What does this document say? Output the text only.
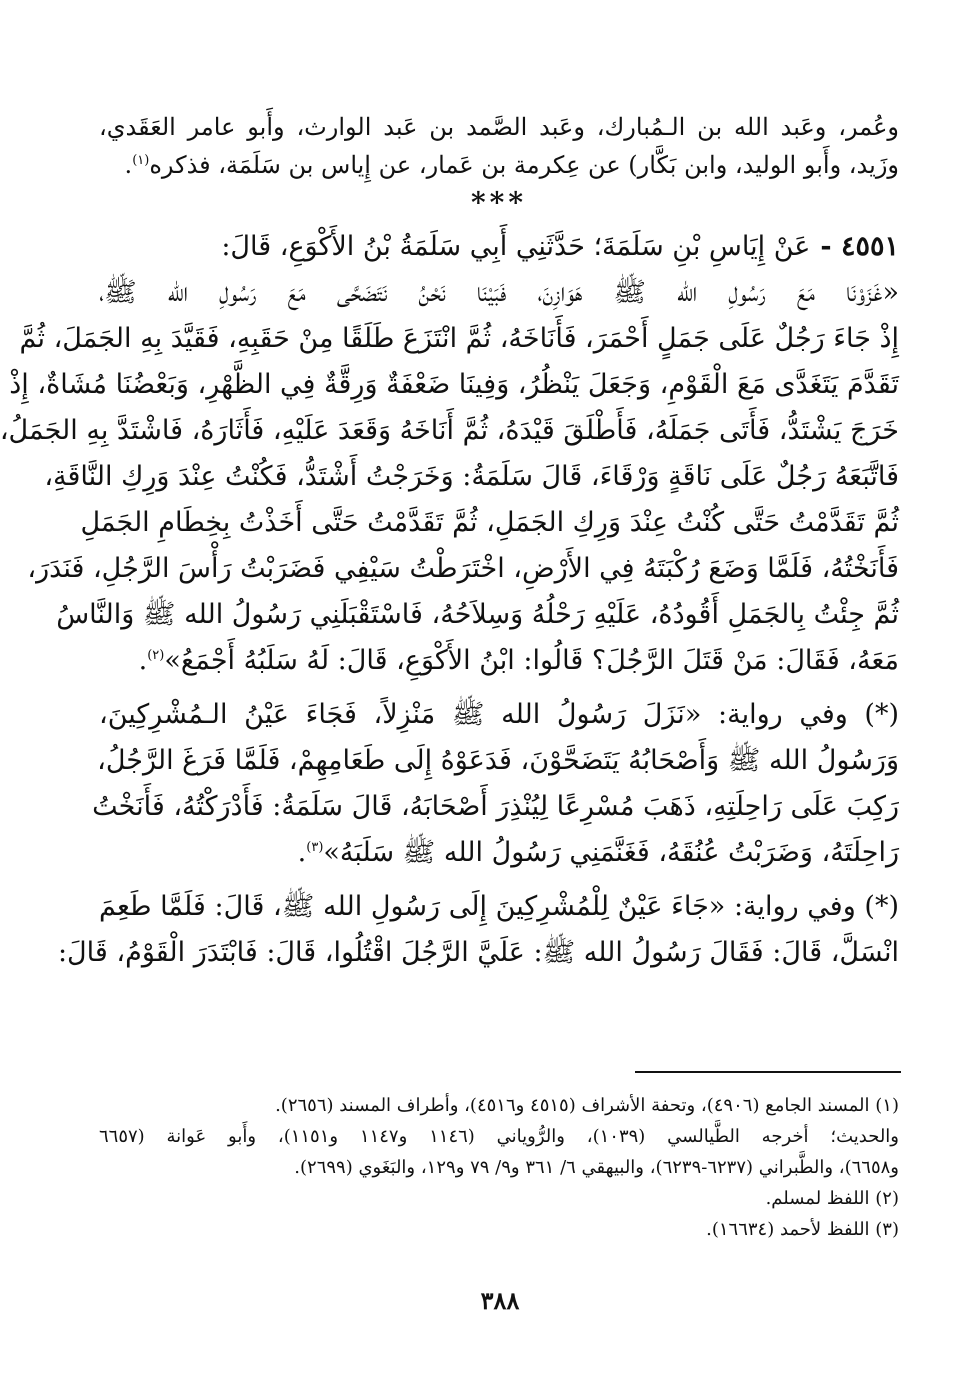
وعُمر، وعَبد الله بن الـمُبارك، وعَبد الصَّمد بن عَبد الوارث، وأَبو عامر العَقَدي،
وزَيد، وأَبو الوليد، وابن بَكَّار) عن عِكرمة بن عَمار، عن إِياس بن سَلَمَة، فذكره$^{(١)}$.
***
٤٥٥١ -عَنْ إِيَاسِ بْنِ سَلَمَةَ؛ حَدَّثَنِي أَبِي سَلَمَةُ بْنُ الأَكْوَعِ، قَالَ:
«غَزَوْنَا مَعَ رَسُولِ الله ﷺ هَوَازِنَ، فَبَيْنَا نَحْنُ نَتَضَحَّى مَعَ رَسُولِ الله ﷺ،
إِذْ جَاءَ رَجُلٌ عَلَى جَمَلٍ أَحْمَرَ، فَأَنَاخَهُ، ثُمَّ انْتَزَعَ طَلَقًا مِنْ حَقَبِهِ، فَقَيَّدَ بِهِ الجَمَلَ، ثُمَّ
تَقَدَّمَ يَتَغَدَّى مَعَ الْقَوْمِ، وَجَعَلَ يَنْظُرُ، وَفِينَا ضَعْفَةٌ وَرِقَّةٌ فِي الظَّهْرِ، وَبَعْضُنَا مُشَاةٌ، إِذْ
خَرَجَ يَشْتَدُّ، فَأَتَى جَمَلَهُ، فَأَطْلَقَ قَيْدَهُ، ثُمَّ أَنَاخَهُ وَقَعَدَ عَلَيْهِ، فَأَثَارَهُ، فَاشْتَدَّ بِهِ الجَمَلُ،
فَاتَّبَعَهُ رَجُلٌ عَلَى نَاقَةٍ وَرْقَاءَ، قَالَ سَلَمَةُ: وَخَرَجْتُ أَشْتَدُّ، فَكُنْتُ عِنْدَ وَرِكِ النَّاقَةِ،
ثُمَّ تَقَدَّمْتُ حَتَّى كُنْتُ عِنْدَ وَرِكِ الجَمَلِ، ثُمَّ تَقَدَّمْتُ حَتَّى أَخَذْتُ بِخِطَامِ الجَمَلِ
فَأَنَخْتُهُ، فَلَمَّا وَضَعَ رُكْبَتَهُ فِي الأَرْضِ، اخْتَرَطْتُ سَيْفِي فَضَرَبْتُ رَأْسَ الرَّجُلِ، فَنَدَرَ،
ثُمَّ جِئْتُ بِالجَمَلِ أَقُودُهُ، عَلَيْهِ رَحْلُهُ وَسِلاَحُهُ، فَاسْتَقْبَلَنِي رَسُولُ الله ﷺ وَالنَّاسُ
مَعَهُ، فَقَالَ: مَنْ قَتَلَ الرَّجُلَ؟ قَالُوا: ابْنُ الأَكْوَعِ، قَالَ: لَهُ سَلَبُهُ أَجْمَعُ»$^{(٢)}$.
(*) وفي رواية: «نَزَلَ رَسُولُ الله ﷺ مَنْزِلاً، فَجَاءَ عَيْنُ الـمُشْرِكِينَ،
وَرَسُولُ الله ﷺ وَأَصْحَابُهُ يَتَضَحَّوْنَ، فَدَعَوْهُ إِلَى طَعَامِهِمْ، فَلَمَّا فَرَغَ الرَّجُلُ،
رَكِبَ عَلَى رَاحِلَتِهِ، ذَهَبَ مُسْرِعًا لِيُنْذِرَ أَصْحَابَهُ، قَالَ سَلَمَةُ: فَأَدْرَكْتُهُ، فَأَنَخْتُ
رَاحِلَتَهُ، وَضَرَبْتُ عُنُقَهُ، فَغَنَّمَنِي رَسُولُ الله ﷺ سَلَبَهُ»$^{(٣)}$.
(*) وفي رواية: «جَاءَ عَيْنٌ لِلْمُشْرِكِينَ إِلَى رَسُولِ الله ﷺ، قَالَ: فَلَمَّا طَعِمَ
انْسَلَّ، قَالَ: فَقَالَ رَسُولُ الله ﷺ: عَلَيَّ الرَّجُلَ اقْتُلُوا، قَالَ: فَابْتَدَرَ الْقَوْمُ، قَالَ:
(١) المسند الجامع (٤٩٠٦)، وتحفة الأشراف (٤٥١٥ و٤٥١٦)، وأطراف المسند (٢٦٥٦).
والحديث؛ أخرجه الطَّيالسي (١٠٣٩)، والرُّوياني (١١٤٦ و١١٤٧ و١١٥١)، وأَبو عَوانة (٦٦٥٧
و٦٦٥٨)، والطَّبراني (٦٢٣٧-٦٢٣٩)، والبيهقي ٦/ ٣٦١ و٩/ ٧٩ و١٢٩، والبَغَوي (٢٦٩٩).
(٢) اللفظ لمسلم.
(٣) اللفظ لأحمد (١٦٦٣٤).
٣٨٨
